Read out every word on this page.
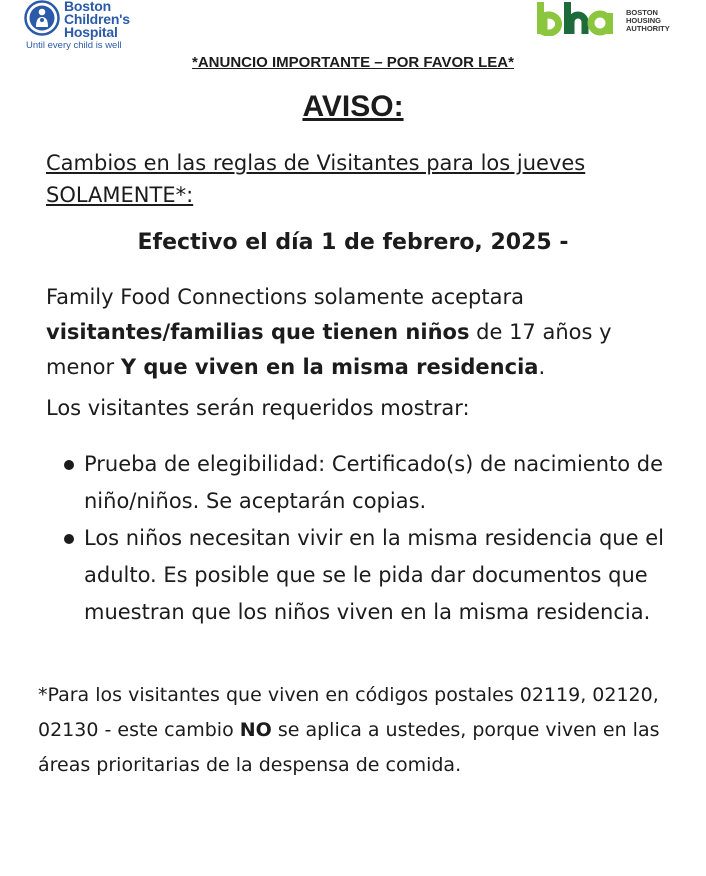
Boston
Children's
Hospital
Until every child is well
BOSTON
HOUSING
AUTHORITY
*ANUNCIO IMPORTANTE – POR FAVOR LEA*
AVISO:
Cambios en las reglas de Visitantes para los jueves SOLAMENTE*:
Efectivo el día 1 de febrero, 2025 -
Family Food Connections solamente aceptara visitantes/familias que tienen niños de 17 años y menor Y que viven en la misma residencia.
Los visitantes serán requeridos mostrar:
Prueba de elegibilidad: Certificado(s) de nacimiento de niño/niños. Se aceptarán copias.
Los niños necesitan vivir en la misma residencia que el adulto. Es posible que se le pida dar documentos que muestran que los niños viven en la misma residencia.
*Para los visitantes que viven en códigos postales 02119, 02120, 02130 - este cambio NO se aplica a ustedes, porque viven en las áreas prioritarias de la despensa de comida.
